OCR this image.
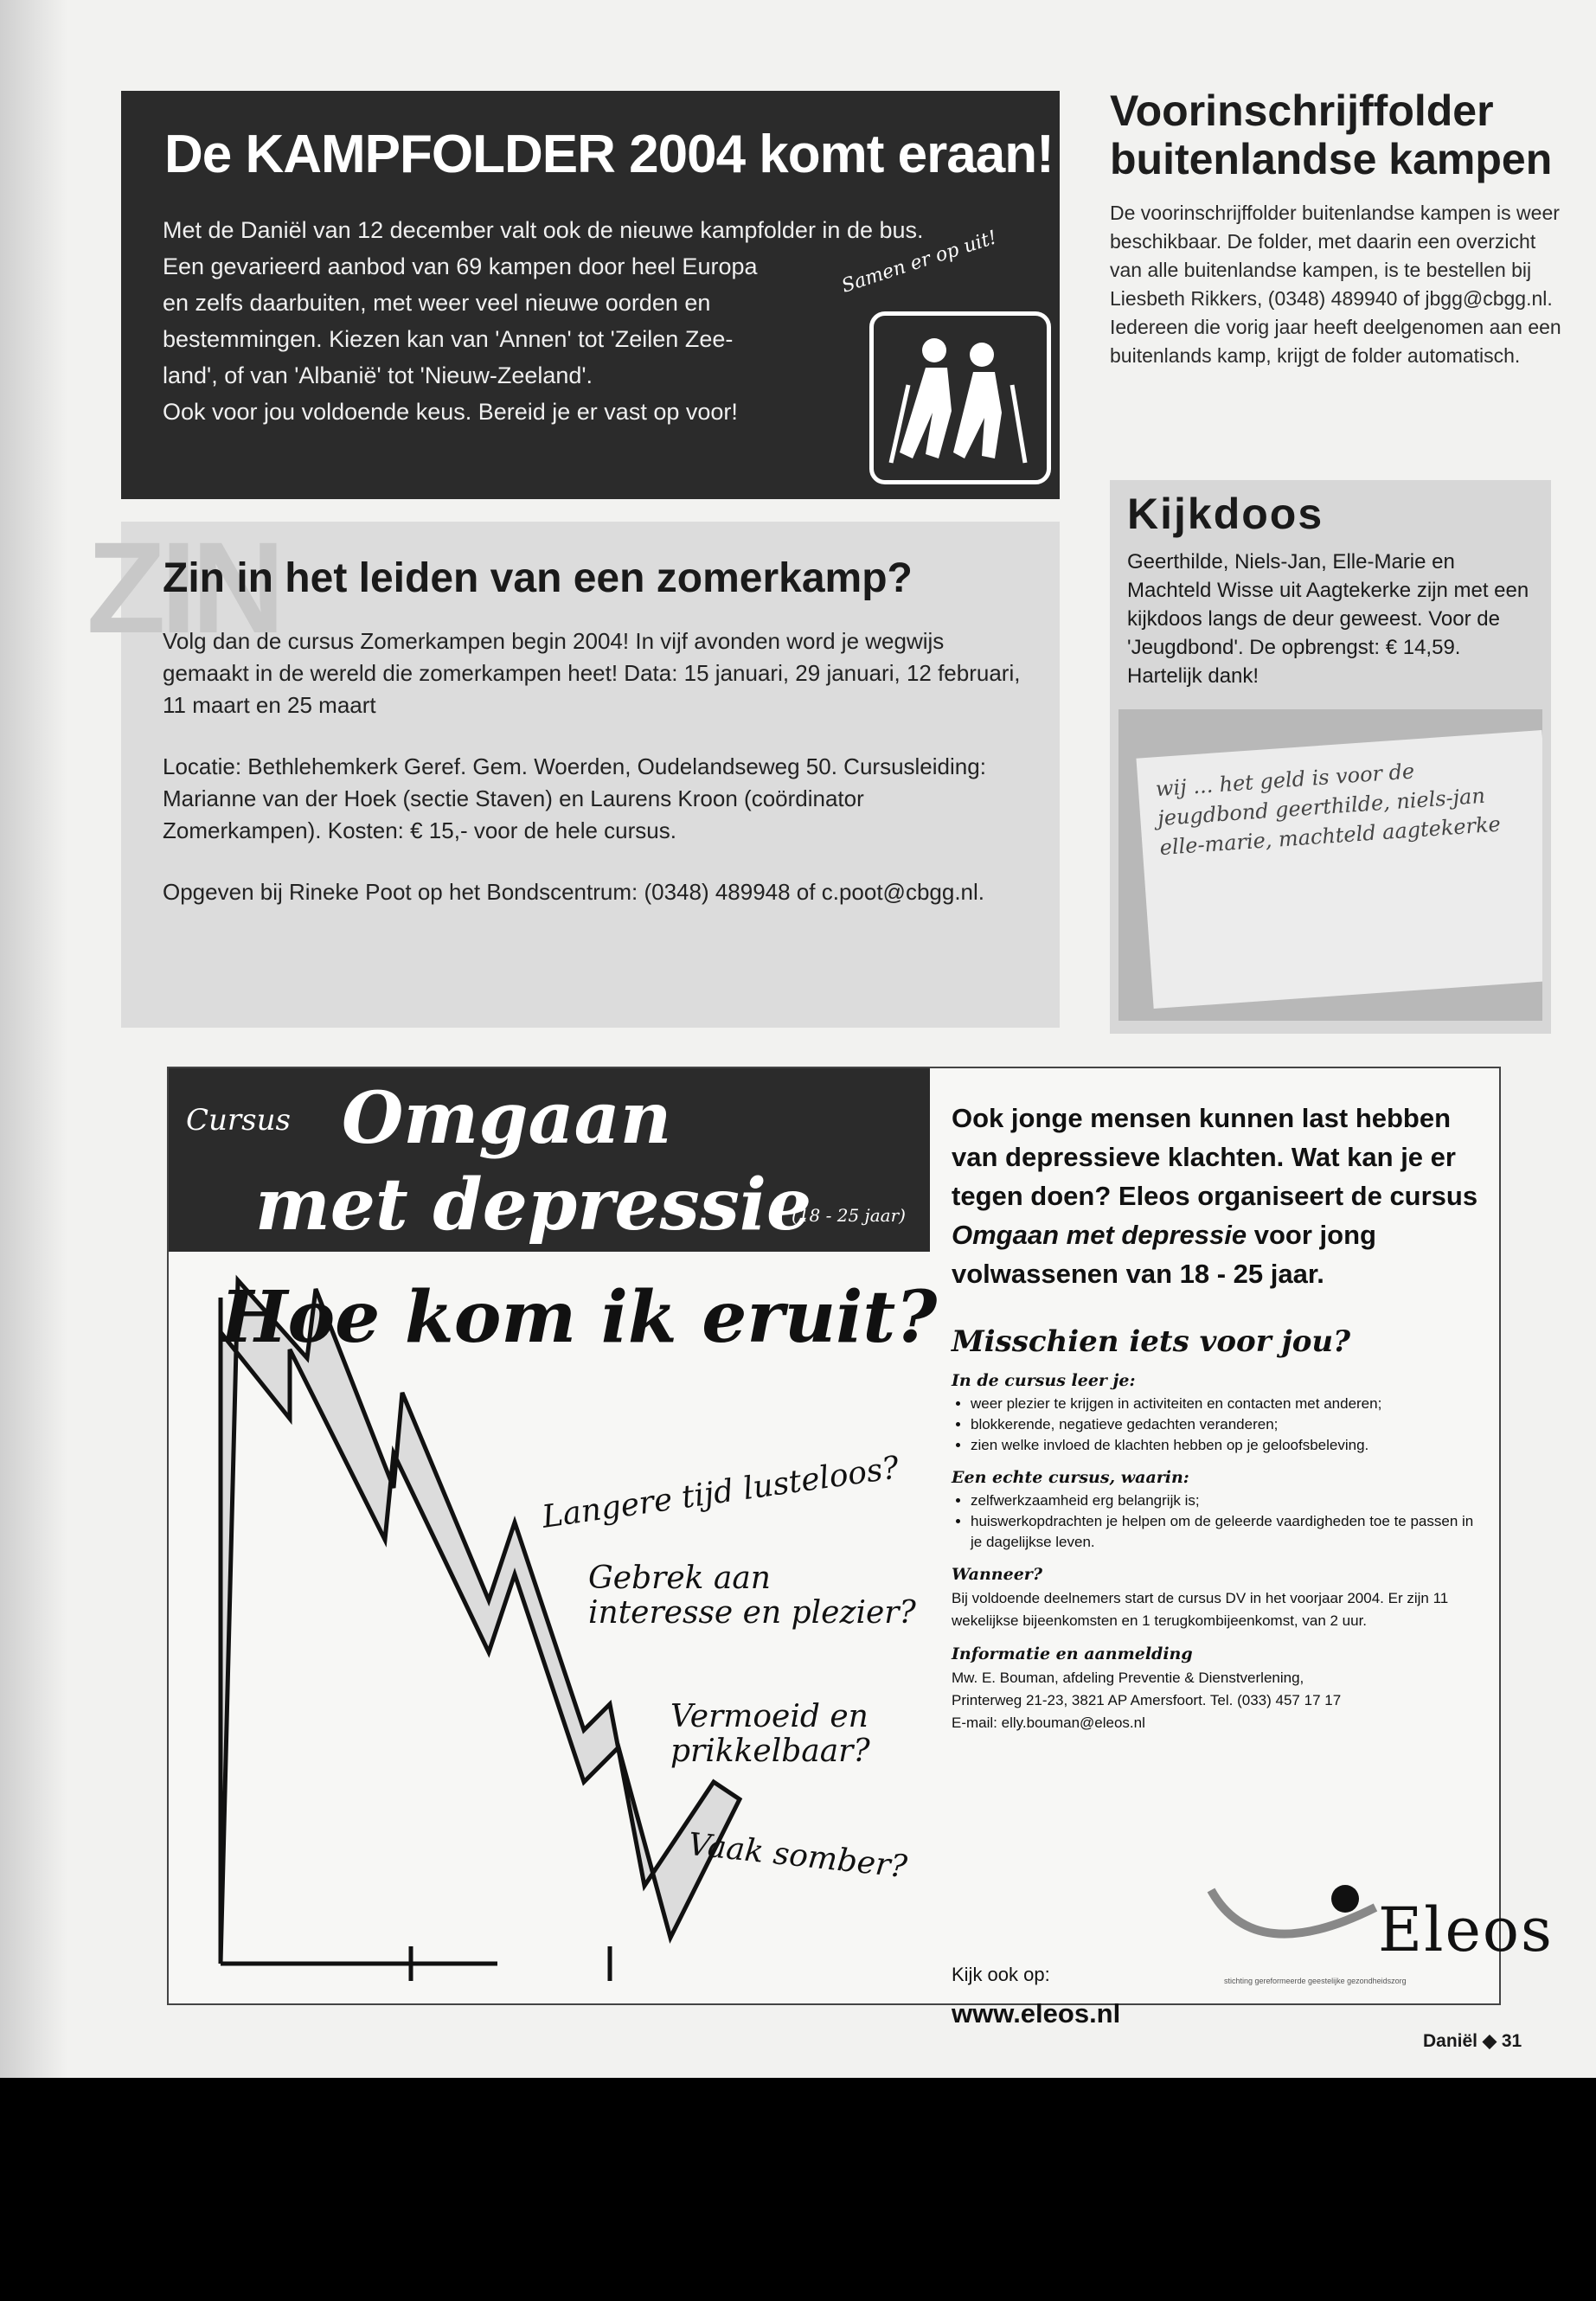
De KAMPFOLDER 2004 komt eraan!

Met de Daniël van 12 december valt ook de nieuwe kampfolder in de bus.

Een gevarieerd aanbod van 69 kampen door heel Europa

en zelfs daarbuiten, met weer veel nieuwe oorden en

bestemmingen. Kiezen kan van 'Annen' tot 'Zeilen Zee-

land', of van 'Albanië' tot 'Nieuw-Zeeland'.

Ook voor jou voldoende keus. Bereid je er vast op voor!

Samen er op uit!
Voorinschrijffolder
buitenlandse kampen

De voorinschrijffolder buitenlandse kampen is weer beschikbaar. De folder, met daarin een overzicht van alle buitenlandse kampen, is te bestellen bij Liesbeth Rikkers, (0348) 489940 of jbgg@cbgg.nl. Iedereen die vorig jaar heeft deelgenomen aan een buitenlands kamp, krijgt de folder automatisch.

ZIN
Zin in het leiden van een zomerkamp?

Volg dan de cursus Zomerkampen begin 2004! In vijf avonden word je wegwijs gemaakt in de wereld die zomerkampen heet! Data: 15 januari, 29 januari, 12 februari, 11 maart en 25 maart

Locatie: Bethlehemkerk Geref. Gem. Woerden, Oudelandseweg 50. Cursusleiding: Marianne van der Hoek (sectie Staven) en Laurens Kroon (coördinator Zomerkampen). Kosten: € 15,- voor de hele cursus.

Opgeven bij Rineke Poot op het Bondscentrum: (0348) 489948 of c.poot@cbgg.nl.

Kijkdoos

Geerthilde, Niels-Jan, Elle-Marie en Machteld Wisse uit Aagtekerke zijn met een kijkdoos langs de deur geweest. Voor de 'Jeugdbond'. De opbrengst: € 14,59. Hartelijk dank!

wij ... het geld is voor de jeugdbond geerthilde, niels-jan elle-marie, machteld aagtekerke
Cursus Omgaan
met depressie
(18 - 25 jaar)
Hoe kom ik eruit?
Langere tijd lusteloos?
Gebrek aan
interesse en plezier?
Vermoeid en
prikkelbaar?
Vaak somber?

Ook jonge mensen kunnen last hebben van depressieve klachten. Wat kan je er tegen doen? Eleos organiseert de cursus Omgaan met depressie voor jong volwassenen van 18 - 25 jaar.

Misschien iets voor jou?
In de cursus leer je:
• weer plezier te krijgen in activiteiten en contacten met anderen;
• blokkerende, negatieve gedachten veranderen;
• zien welke invloed de klachten hebben op je geloofsbeleving.
Een echte cursus, waarin:
• zelfwerkzaamheid erg belangrijk is;
• huiswerkopdrachten je helpen om de geleerde vaardigheden toe te passen in je dagelijkse leven.
Wanneer?

Bij voldoende deelnemers start de cursus DV in het voorjaar 2004. Er zijn 11 wekelijkse bijeenkomsten en 1 terugkombijeenkomst, van 2 uur.

Informatie en aanmelding

Mw. E. Bouman, afdeling Preventie & Dienstverlening,

Printerweg 21-23, 3821 AP Amersfoort. Tel. (033) 457 17 17

E-mail: elly.bouman@eleos.nl

Kijk ook op:
www.eleos.nl
Eleos
stichting gereformeerde geestelijke gezondheidszorg
Daniël ◆ 31
